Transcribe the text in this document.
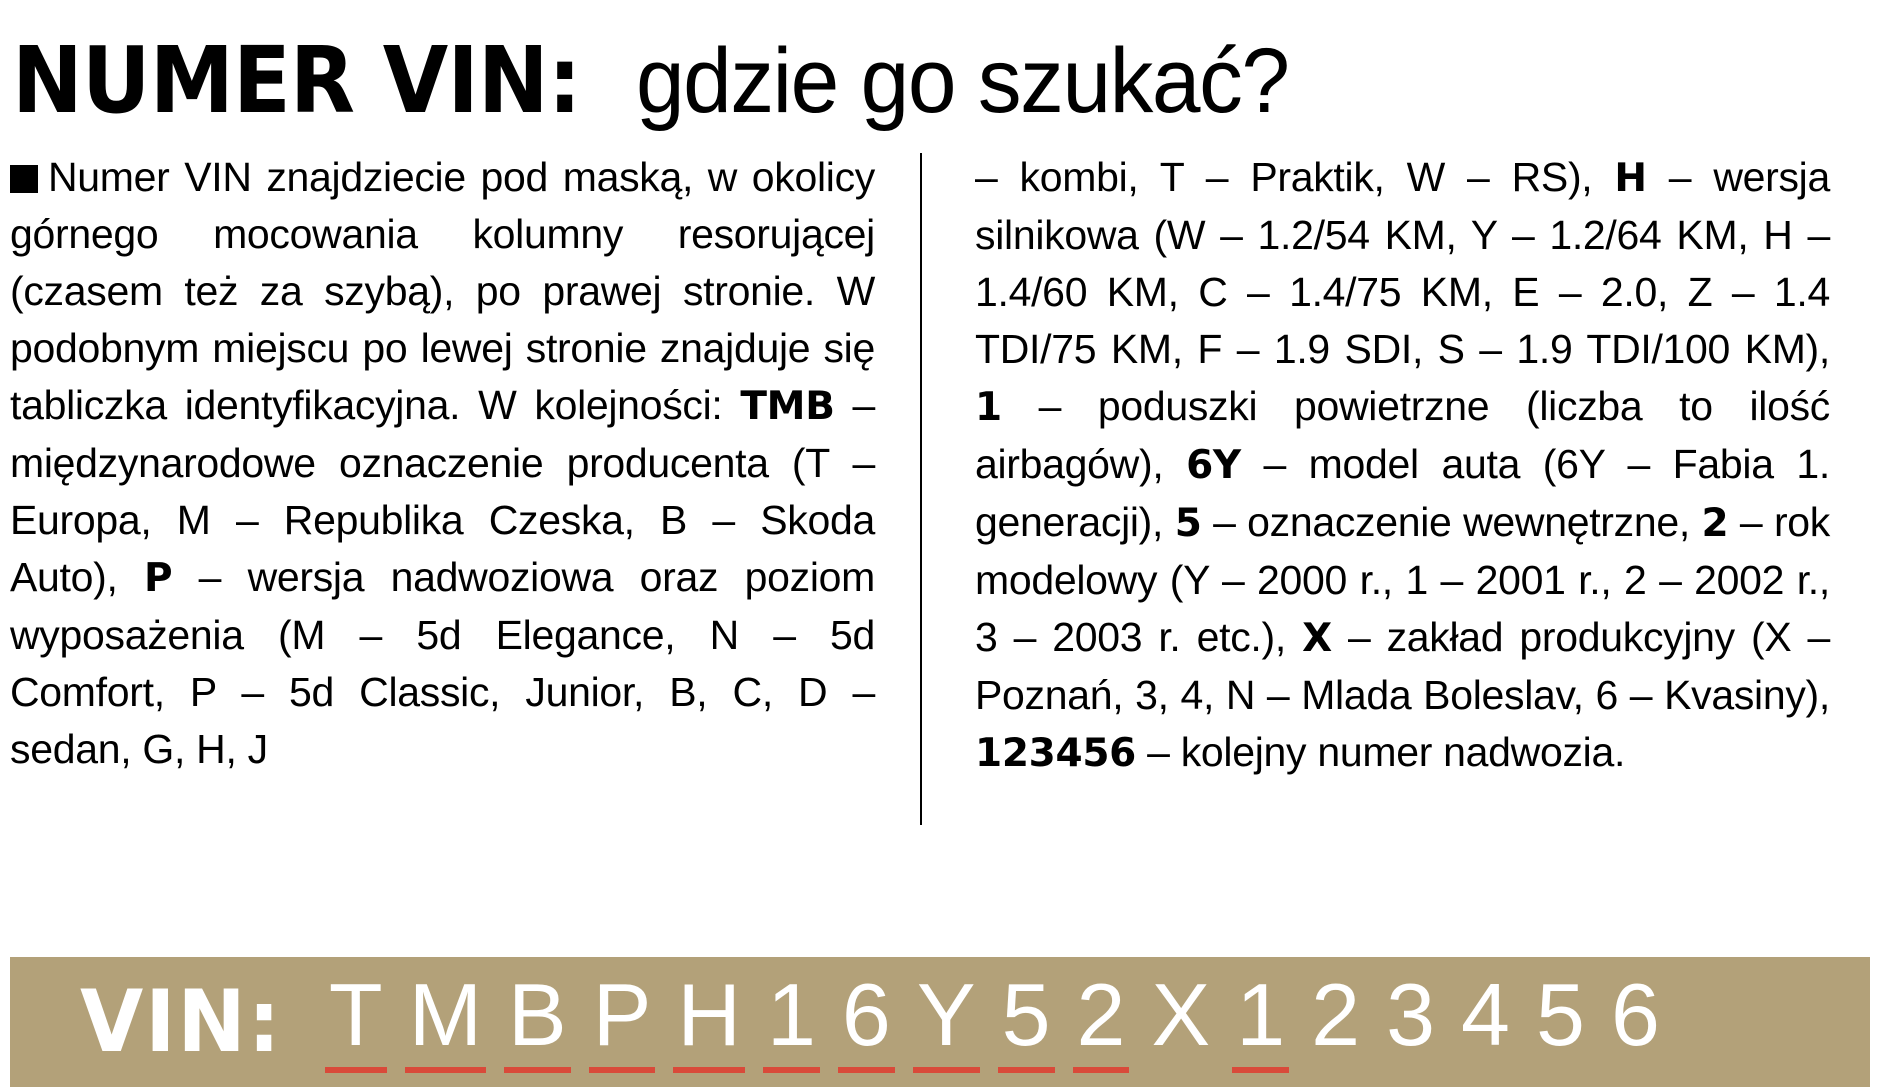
NUMER VIN: gdzie go szukać?
Numer VIN znajdziecie pod maską, w okolicy górnego mocowania kolumny resorującej (czasem też za szybą), po prawej stronie. W podobnym miejscu po lewej stronie znajduje się tabliczka identyfikacyjna. W kolejności: TMB – międzynarodowe oznaczenie producenta (T – Europa, M – Republika Czeska, B – Skoda Auto), P – wersja nadwoziowa oraz poziom wyposażenia (M – 5d Elegance, N – 5d Comfort, P – 5d Classic, Junior, B, C, D – sedan, G, H, J
– kombi, T – Praktik, W – RS), H – wersja silnikowa (W – 1.2/54 KM, Y – 1.2/64 KM, H – 1.4/60 KM, C – 1.4/75 KM, E – 2.0, Z – 1.4 TDI/75 KM, F – 1.9 SDI, S – 1.9 TDI/100 KM), 1 – poduszki powietrzne (liczba to ilość airbagów), 6Y – model auta (6Y – Fabia 1. generacji), 5 – oznaczenie wewnętrzne, 2 – rok modelowy (Y – 2000 r., 1 – 2001 r., 2 – 2002 r., 3 – 2003 r. etc.), X – zakład produkcyjny (X – Poznań, 3, 4, N – Mlada Boleslav, 6 – Kvasiny), 123456 – kolejny numer nadwozia.
VIN: T M B P H 1 6 Y 5 2 X 1 2 3 4 5 6
